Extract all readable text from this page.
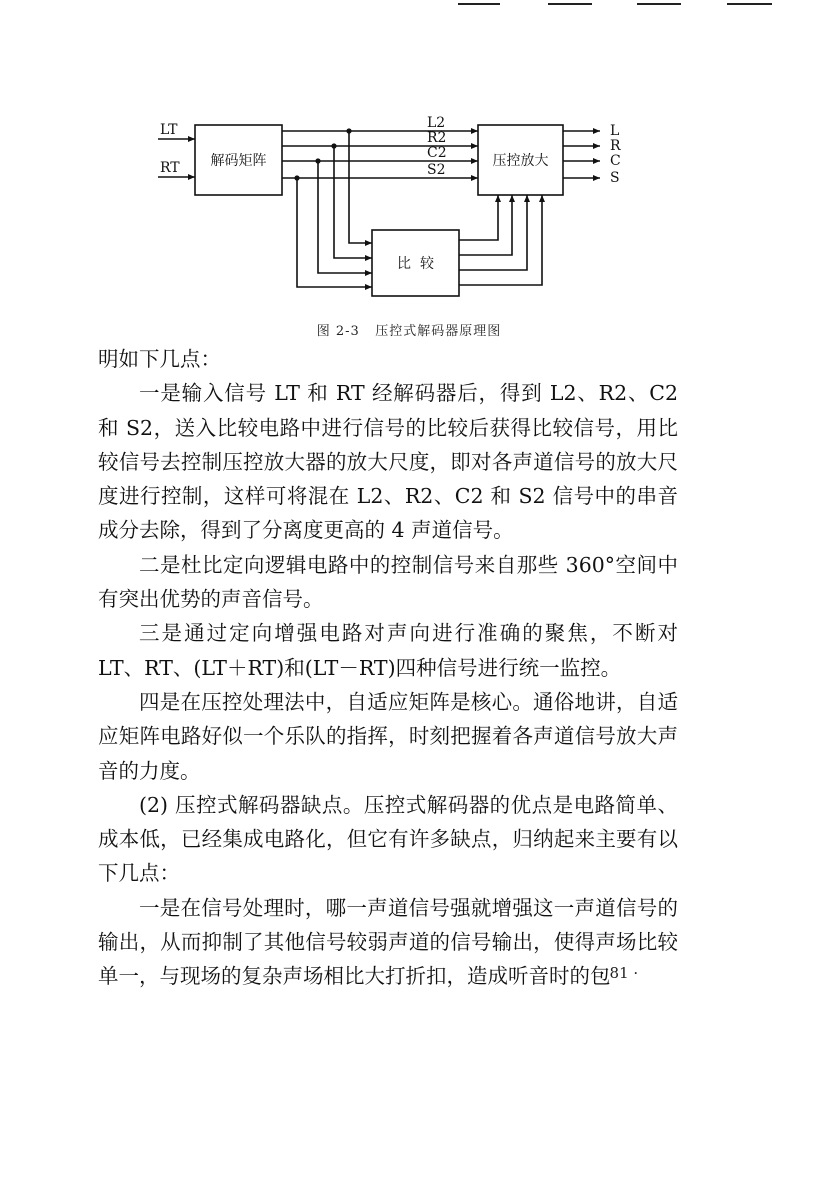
LT
RT 解码矩阵
L2
R2
C2
S2
压控放大
L
R
C
S
比  较
图 2-3   压控式解码器原理图

明如下几点：

一是输入信号 LT 和 RT 经解码器后，得到 L2、R2、C2 和 S2，送入比较电路中进行信号的比较后获得比较信号，用比较信号去控制压控放大器的放大尺度，即对各声道信号的放大尺度进行控制，这样可将混在 L2、R2、C2 和 S2 信号中的串音成分去除，得到了分离度更高的 4 声道信号。

二是杜比定向逻辑电路中的控制信号来自那些 360°空间中有突出优势的声音信号。

三是通过定向增强电路对声向进行准确的聚焦，不断对 LT、RT、(LT＋RT)和(LT－RT)四种信号进行统一监控。

四是在压控处理法中，自适应矩阵是核心。通俗地讲，自适应矩阵电路好似一个乐队的指挥，时刻把握着各声道信号放大声音的力度。

(2) 压控式解码器缺点。压控式解码器的优点是电路简单、成本低，已经集成电路化，但它有许多缺点，归纳起来主要有以下几点：

一是在信号处理时，哪一声道信号强就增强这一声道信号的输出，从而抑制了其他信号较弱声道的信号输出，使得声场比较单一，与现场的复杂声场相比大打折扣，造成听音时的包

· 81 ·
